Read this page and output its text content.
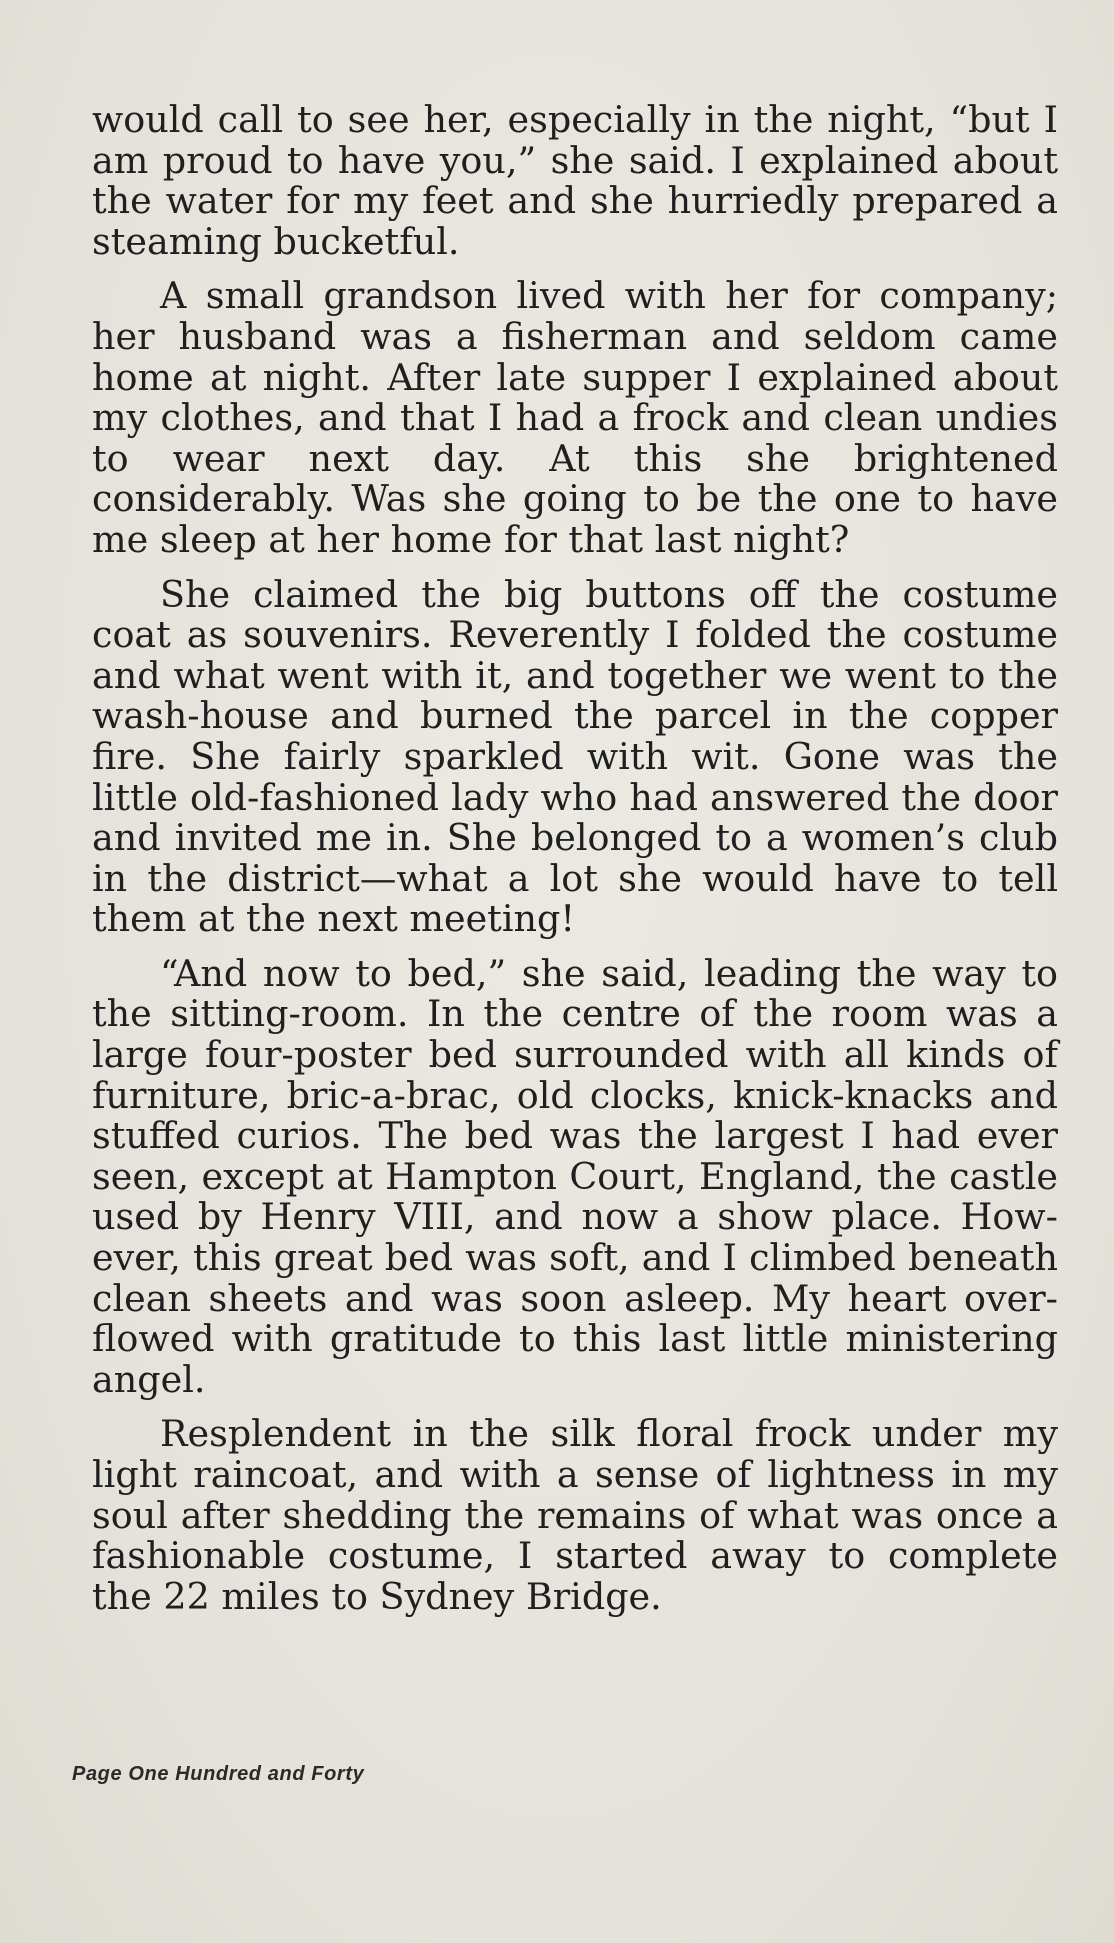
would call to see her, especially in the night, “but I am proud to have you,” she said. I explained about the water for my feet and she hurriedly prepared a steaming bucketful.

A small grandson lived with her for company; her husband was a fisherman and seldom came home at night. After late supper I explained about my clothes, and that I had a frock and clean undies to wear next day. At this she brightened considerably. Was she going to be the one to have me sleep at her home for that last night?

She claimed the big buttons off the costume coat as souvenirs. Reverently I folded the costume and what went with it, and together we went to the wash-house and burned the parcel in the copper fire. She fairly sparkled with wit. Gone was the little old-fashioned lady who had answered the door and invited me in. She belonged to a women’s club in the district—what a lot she would have to tell them at the next meeting!

“And now to bed,” she said, leading the way to the sitting-room. In the centre of the room was a large four-poster bed surrounded with all kinds of furniture, bric-a-brac, old clocks, knick-knacks and stuffed curios. The bed was the largest I had ever seen, except at Hampton Court, England, the castle used by Henry VIII, and now a show place. However, this great bed was soft, and I climbed beneath clean sheets and was soon asleep. My heart overflowed with gratitude to this last little ministering angel.

Resplendent in the silk floral frock under my light raincoat, and with a sense of lightness in my soul after shedding the remains of what was once a fashionable costume, I started away to complete the 22 miles to Sydney Bridge.

Page One Hundred and Forty
